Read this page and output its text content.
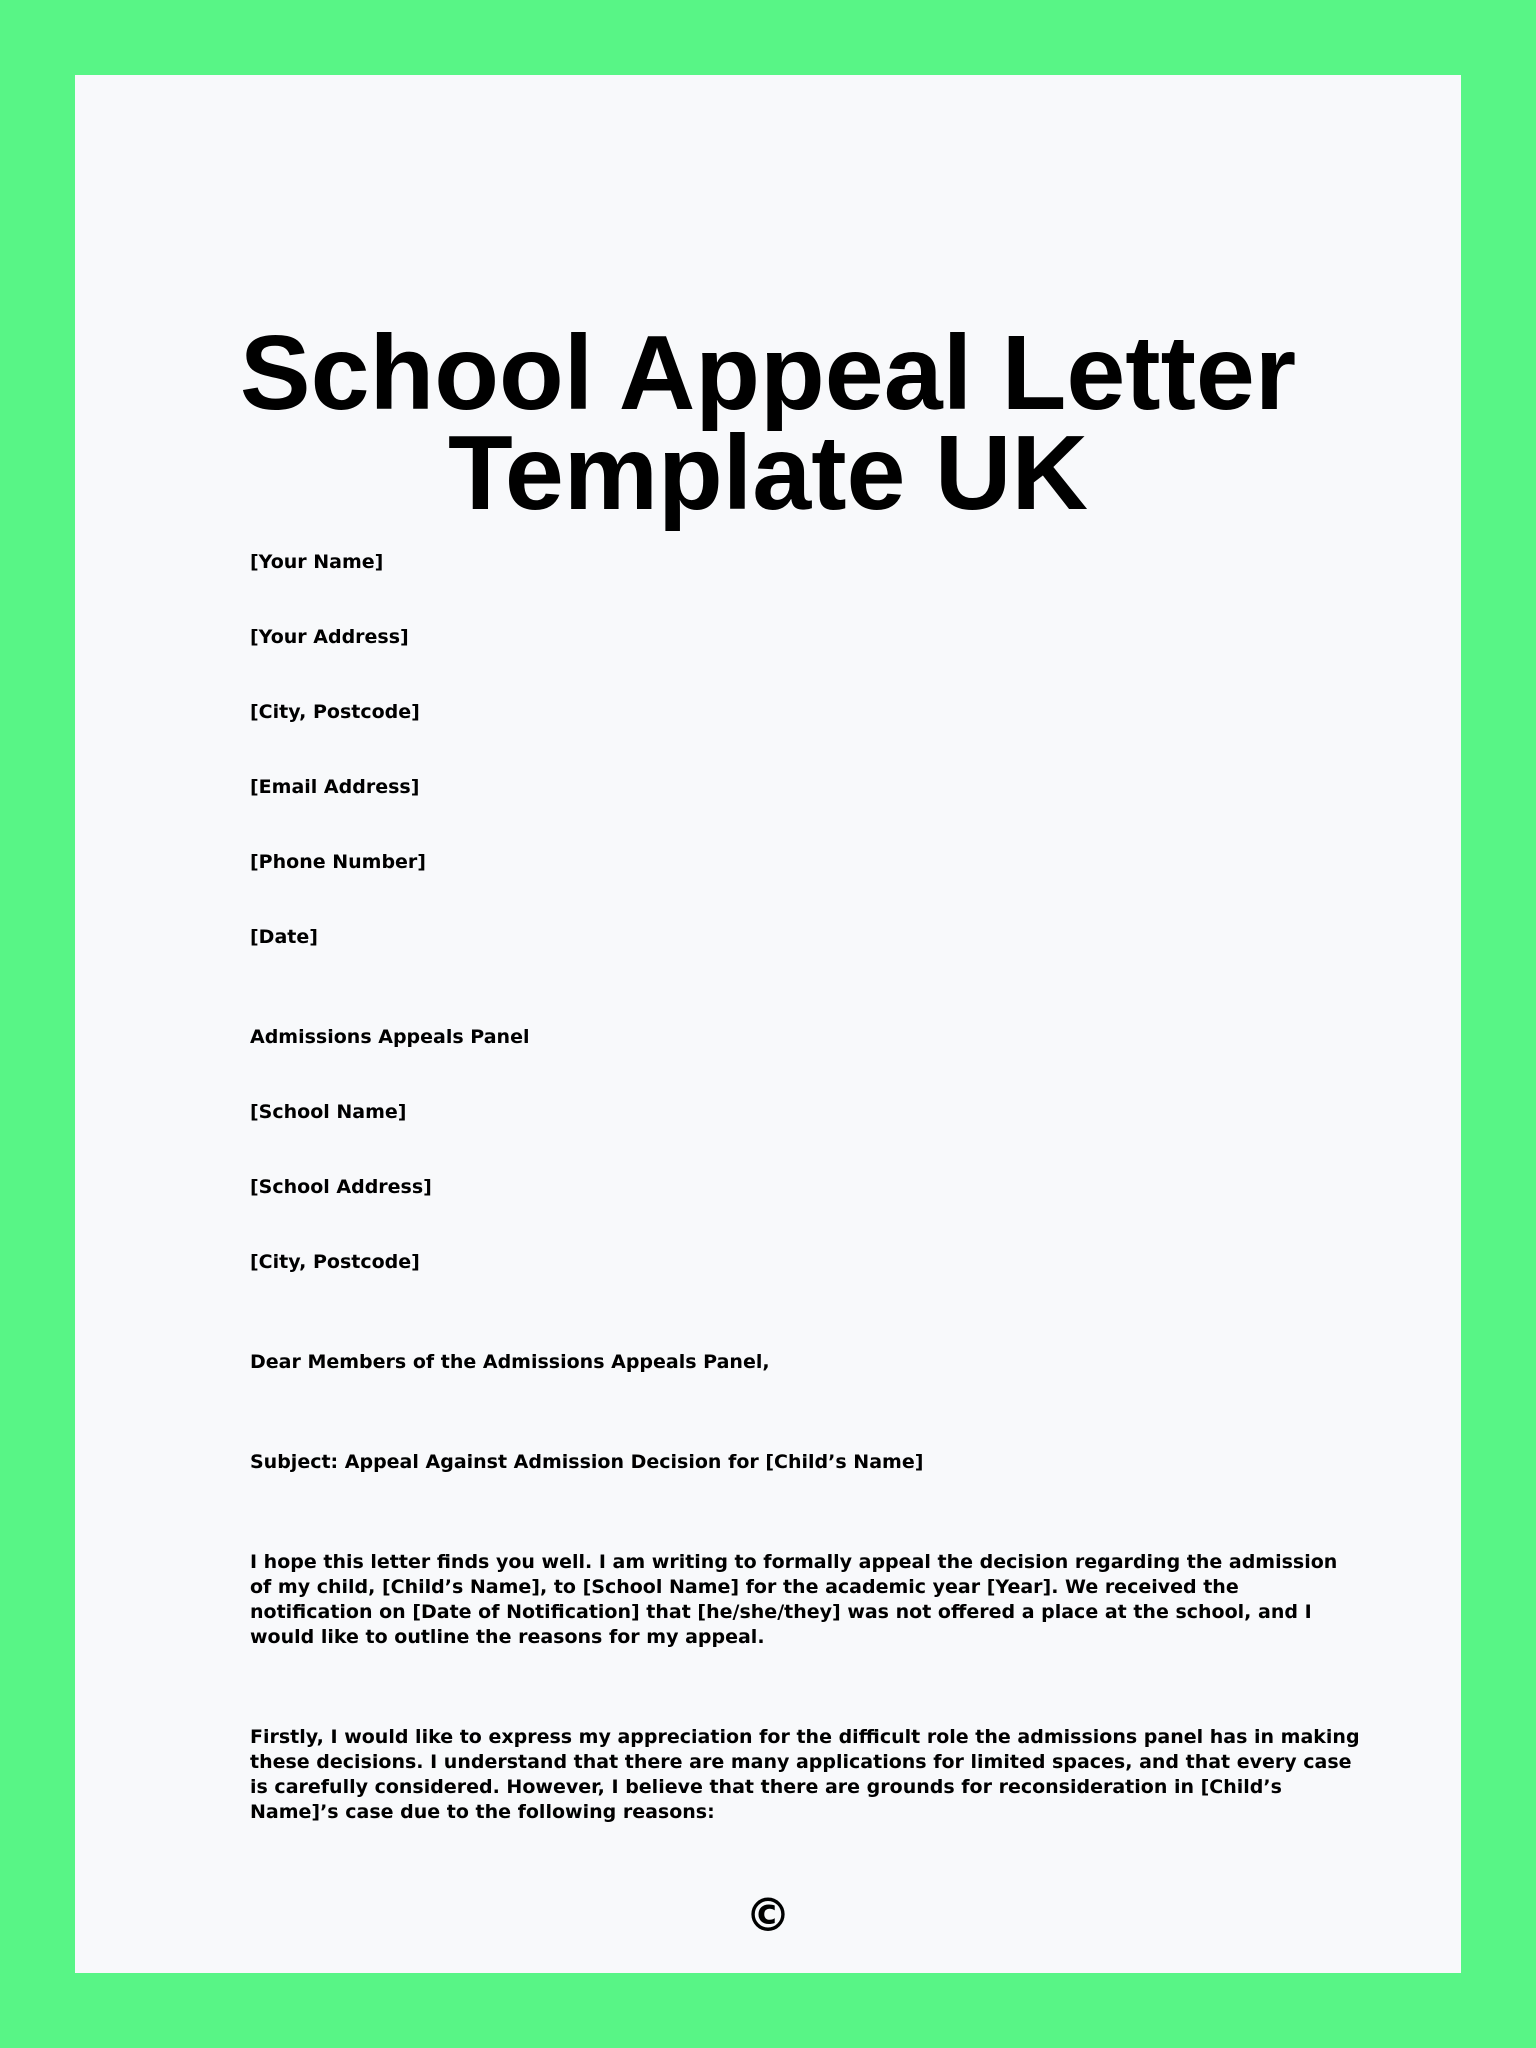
School Appeal Letter
Template UK

[Your Name]

[Your Address]

[City, Postcode]

[Email Address]

[Phone Number]

[Date]

Admissions Appeals Panel

[School Name]

[School Address]

[City, Postcode]

Dear Members of the Admissions Appeals Panel,

Subject: Appeal Against Admission Decision for [Child’s Name]

I hope this letter finds you well. I am writing to formally appeal the decision regarding the admission of my child, [Child’s Name], to [School Name] for the academic year [Year]. We received the notification on [Date of Notification] that [he/she/they] was not offered a place at the school, and I would like to outline the reasons for my appeal.

Firstly, I would like to express my appreciation for the difficult role the admissions panel has in making these decisions. I understand that there are many applications for limited spaces, and that every case is carefully considered. However, I believe that there are grounds for reconsideration in [Child’s Name]’s case due to the following reasons:

©
